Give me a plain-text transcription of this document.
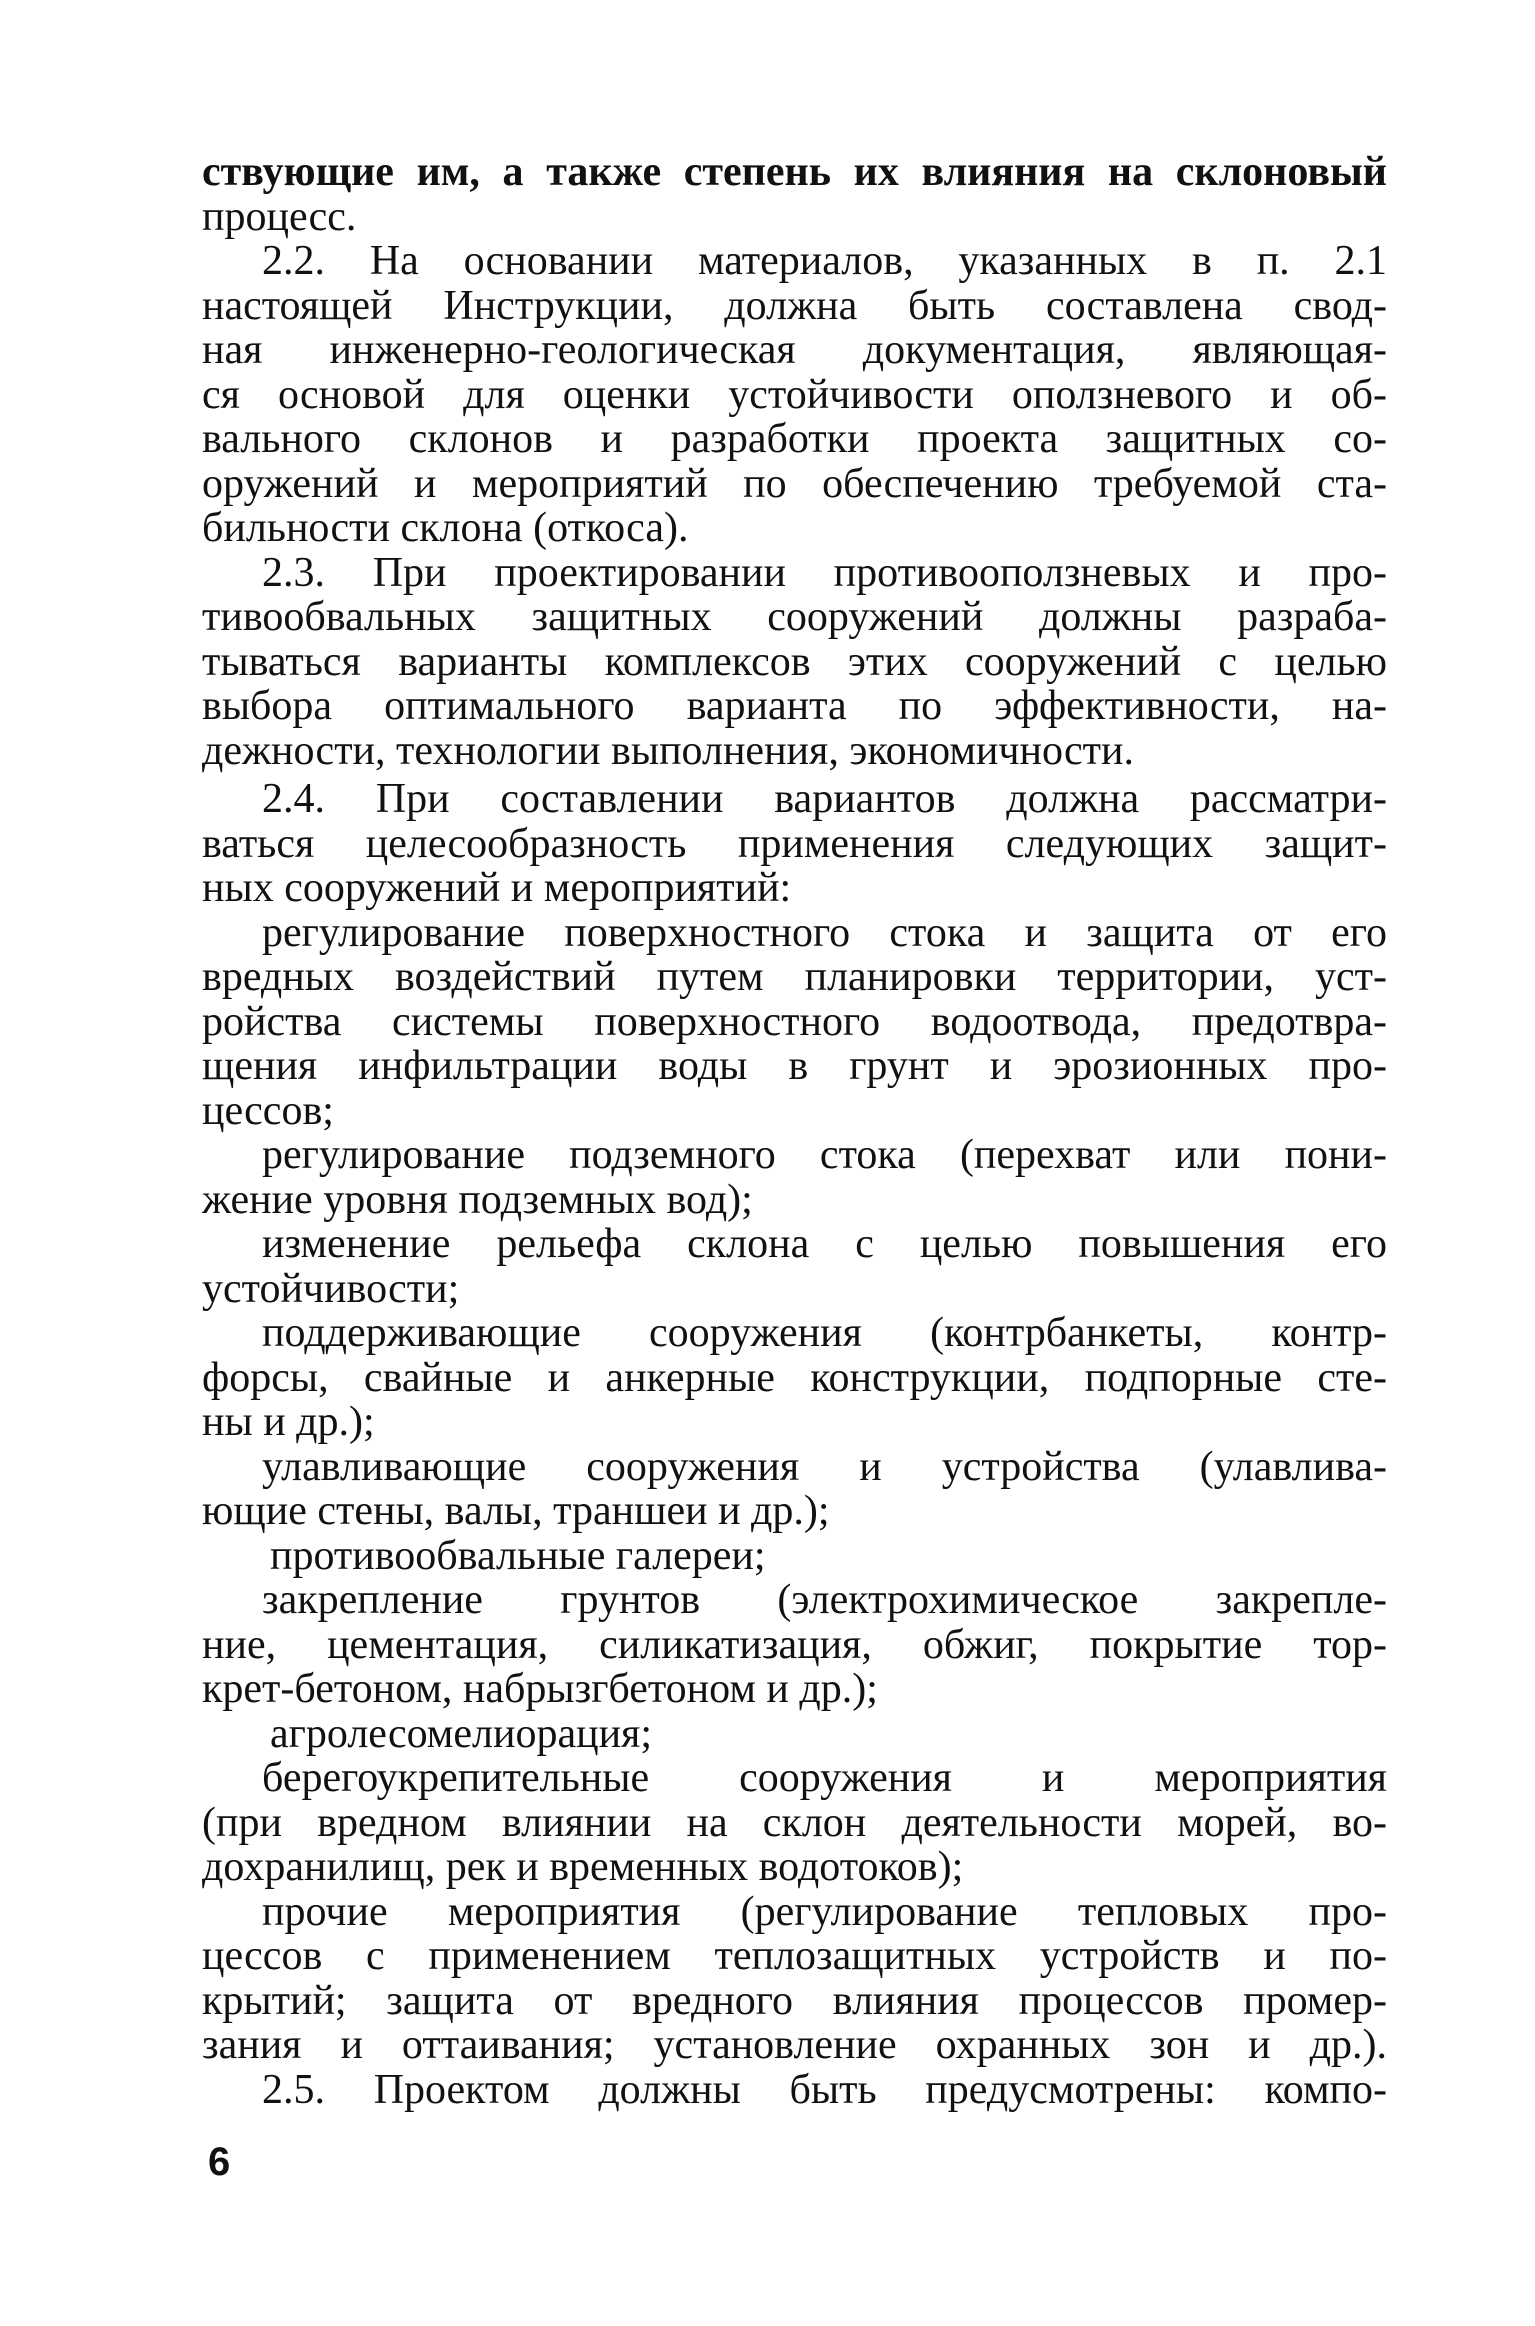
ствующие им, а также степень их влияния на склоновый
процесс.
2.2. На основании материалов, указанных в п. 2.1
настоящей Инструкции, должна быть составлена свод-
ная инженерно-геологическая документация, являющая-
ся основой для оценки устойчивости оползневого и об-
вального склонов и разработки проекта защитных со-
оружений и мероприятий по обеспечению требуемой ста-
бильности склона (откоса).
2.3. При проектировании противооползневых и про-
тивообвальных защитных сооружений должны разраба-
тываться варианты комплексов этих сооружений с целью
выбора оптимального варианта по эффективности, на-
дежности, технологии выполнения, экономичности.
2.4. При составлении вариантов должна рассматри-
ваться целесообразность применения следующих защит-
ных сооружений и мероприятий:
регулирование поверхностного стока и защита от его
вредных воздействий путем планировки территории, уст-
ройства системы поверхностного водоотвода, предотвра-
щения инфильтрации воды в грунт и эрозионных про-
цессов;
регулирование подземного стока (перехват или пони-
жение уровня подземных вод);
изменение рельефа склона с целью повышения его
устойчивости;
поддерживающие сооружения (контрбанкеты, контр-
форсы, свайные и анкерные конструкции, подпорные сте-
ны и др.);
улавливающие сооружения и устройства (улавлива-
ющие стены, валы, траншеи и др.);
противообвальные галереи;
закрепление грунтов (электрохимическое закрепле-
ние, цементация, силикатизация, обжиг, покрытие тор-
крет-бетоном, набрызгбетоном и др.);
агролесомелиорация;
берегоукрепительные сооружения и мероприятия
(при вредном влиянии на склон деятельности морей, во-
дохранилищ, рек и временных водотоков);
прочие мероприятия (регулирование тепловых про-
цессов с применением теплозащитных устройств и по-
крытий; защита от вредного влияния процессов промер-
зания и оттаивания; установление охранных зон и др.).
2.5. Проектом должны быть предусмотрены: компо-
6
